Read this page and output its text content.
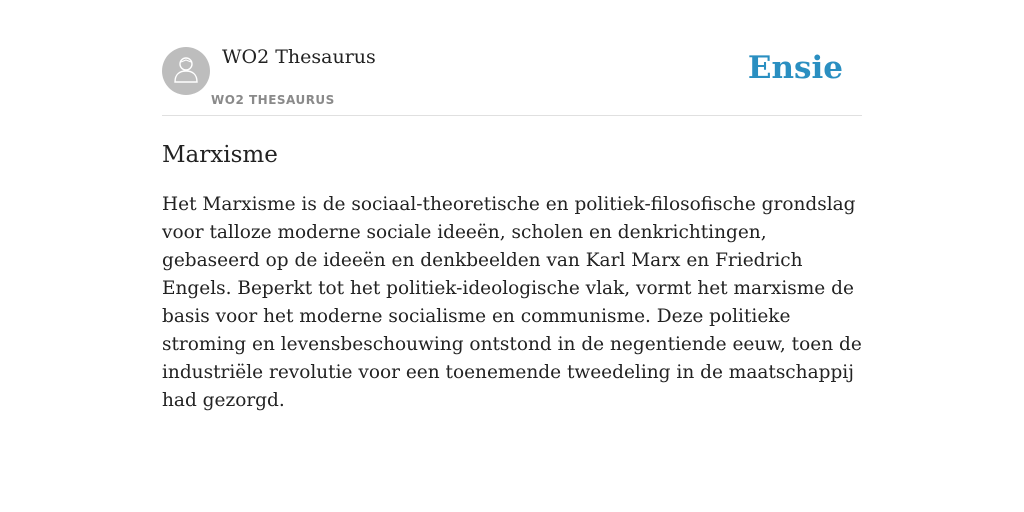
WO2 Thesaurus
WO2 THESAURUS
Ensie
Marxisme

Het Marxisme is de sociaal-theoretische en politiek-filosofische grondslag voor talloze moderne sociale ideeën, scholen en denkrichtingen, gebaseerd op de ideeën en denkbeelden van Karl Marx en Friedrich Engels. Beperkt tot het politiek-ideologische vlak, vormt het marxisme de basis voor het moderne socialisme en communisme. Deze politieke stroming en levensbeschouwing ontstond in de negentiende eeuw, toen de industriële revolutie voor een toenemende tweedeling in de maatschappij had gezorgd.
